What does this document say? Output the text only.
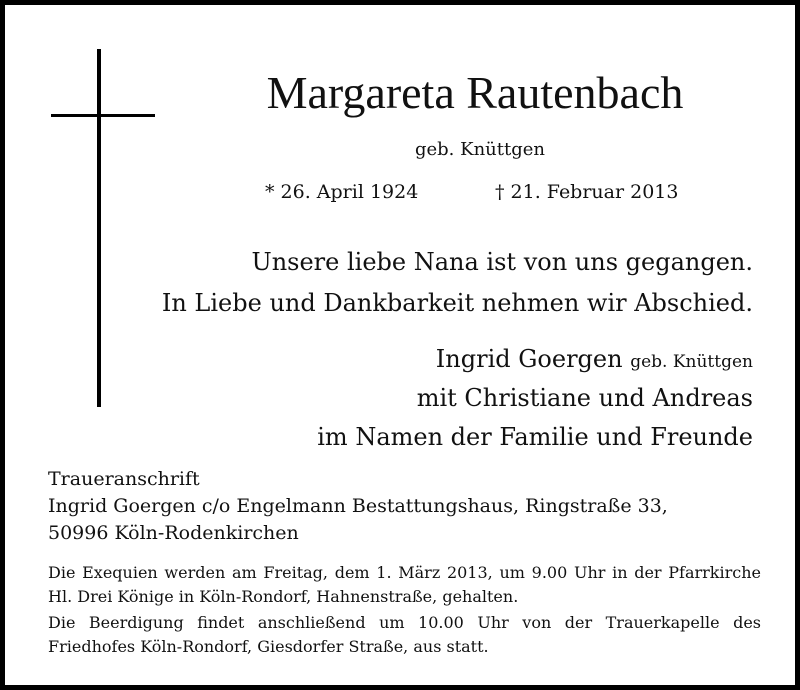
Margareta Rautenbach
geb. Knüttgen
* 26. April 1924	† 21. Februar 2013
Unsere liebe Nana ist von uns gegangen.
In Liebe und Dankbarkeit nehmen wir Abschied.
Ingrid Goergen geb. Knüttgen
mit Christiane und Andreas
im Namen der Familie und Freunde
Traueranschrift
Ingrid Goergen c/o Engelmann Bestattungshaus, Ringstraße 33,
50996 Köln-Rodenkirchen
Die Exequien werden am Freitag, dem 1. März 2013, um 9.00 Uhr in der Pfarrkirche Hl. Drei Könige in Köln-Rondorf, Hahnenstraße, gehalten.
Die Beerdigung findet anschließend um 10.00 Uhr von der Trauerkapelle des Friedhofes Köln-Rondorf, Giesdorfer Straße, aus statt.
